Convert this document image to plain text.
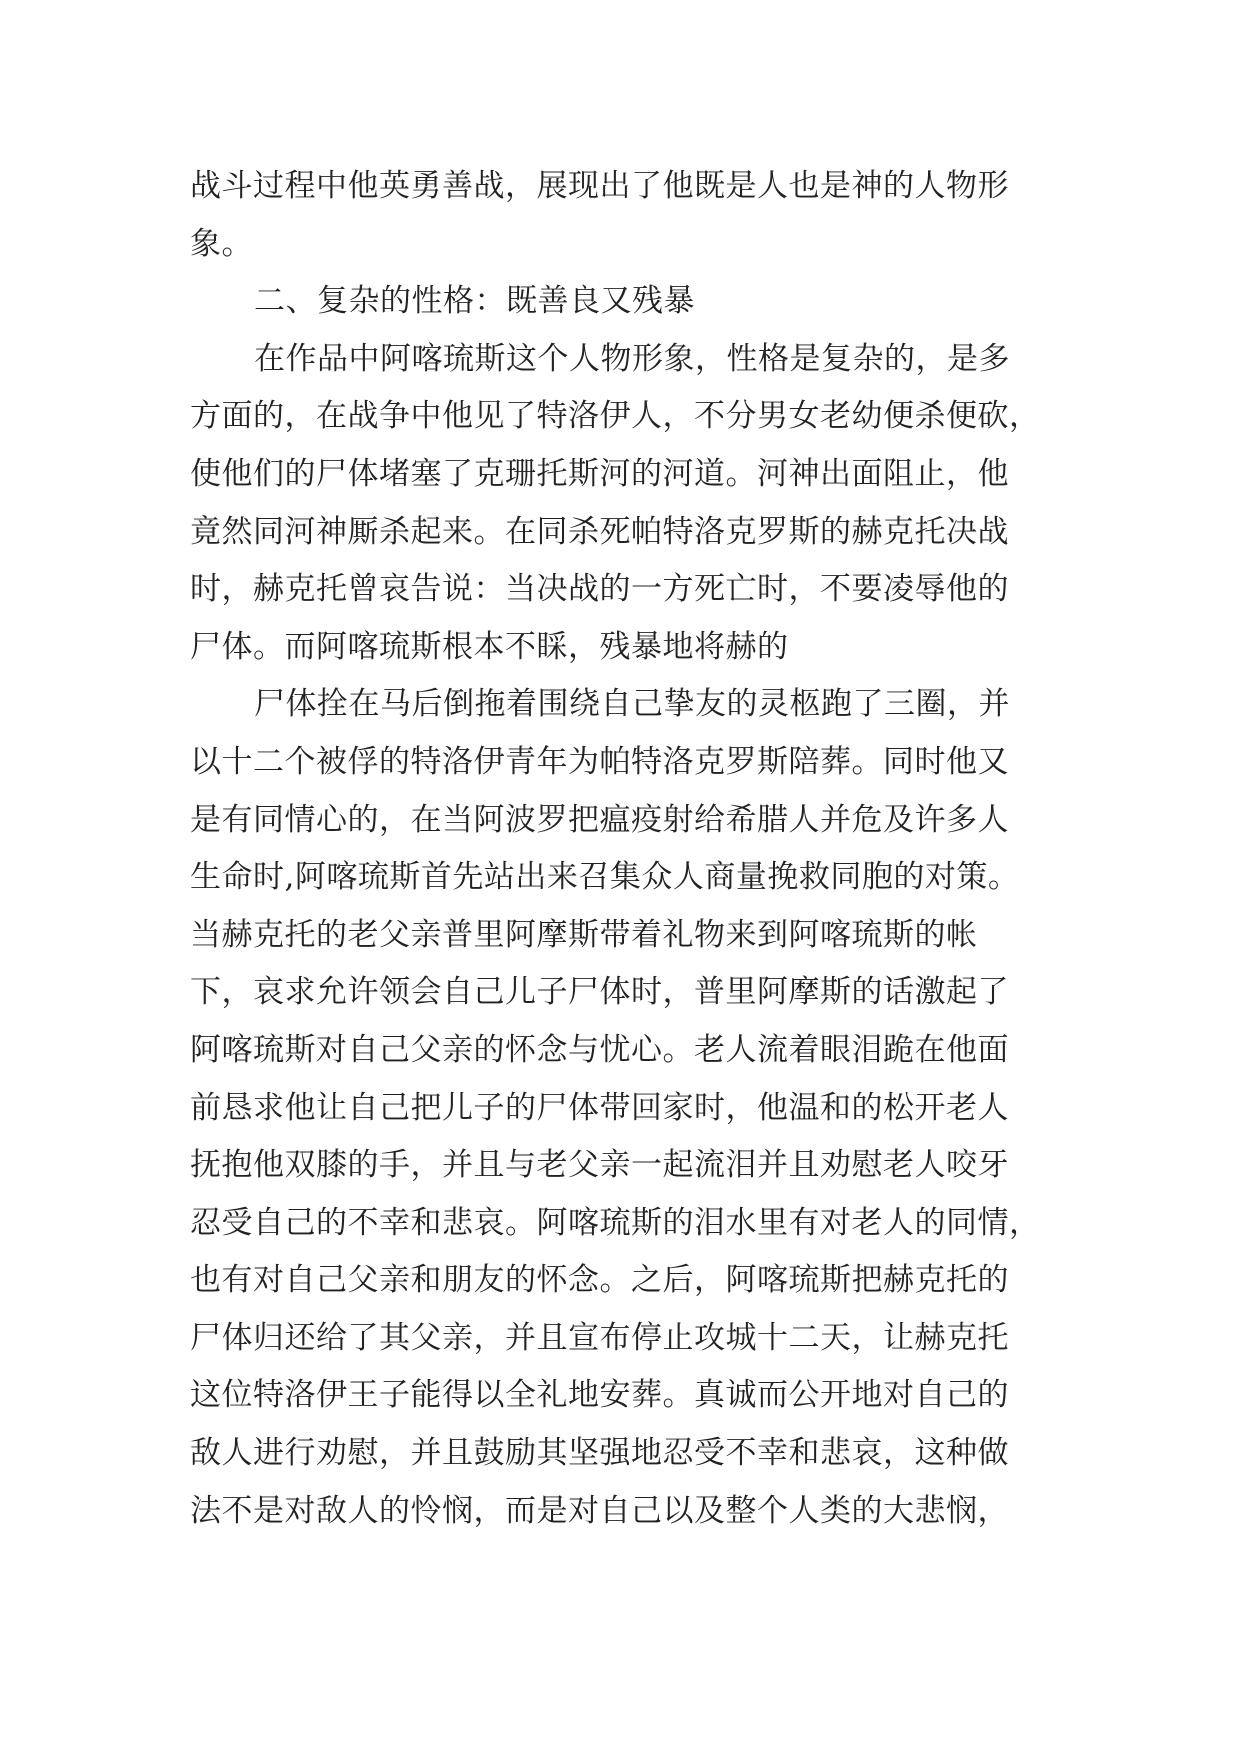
战斗过程中他英勇善战，展现出了他既是人也是神的人物形
象。
二、复杂的性格：既善良又残暴
在作品中阿喀琉斯这个人物形象，性格是复杂的，是多
方面的，在战争中他见了特洛伊人，不分男女老幼便杀便砍，
使他们的尸体堵塞了克珊托斯河的河道。河神出面阻止，他
竟然同河神厮杀起来。在同杀死帕特洛克罗斯的赫克托决战
时，赫克托曾哀告说：当决战的一方死亡时，不要凌辱他的
尸体。而阿喀琉斯根本不睬，残暴地将赫的
尸体拴在马后倒拖着围绕自己挚友的灵柩跑了三圈，并
以十二个被俘的特洛伊青年为帕特洛克罗斯陪葬。同时他又
是有同情心的，在当阿波罗把瘟疫射给希腊人并危及许多人
生命时,阿喀琉斯首先站出来召集众人商量挽救同胞的对策。
当赫克托的老父亲普里阿摩斯带着礼物来到阿喀琉斯的帐
下，哀求允许领会自己儿子尸体时，普里阿摩斯的话激起了
阿喀琉斯对自己父亲的怀念与忧心。老人流着眼泪跪在他面
前恳求他让自己把儿子的尸体带回家时，他温和的松开老人
抚抱他双膝的手，并且与老父亲一起流泪并且劝慰老人咬牙
忍受自己的不幸和悲哀。阿喀琉斯的泪水里有对老人的同情，
也有对自己父亲和朋友的怀念。之后，阿喀琉斯把赫克托的
尸体归还给了其父亲，并且宣布停止攻城十二天，让赫克托
这位特洛伊王子能得以全礼地安葬。真诚而公开地对自己的
敌人进行劝慰，并且鼓励其坚强地忍受不幸和悲哀，这种做
法不是对敌人的怜悯，而是对自己以及整个人类的大悲悯，
